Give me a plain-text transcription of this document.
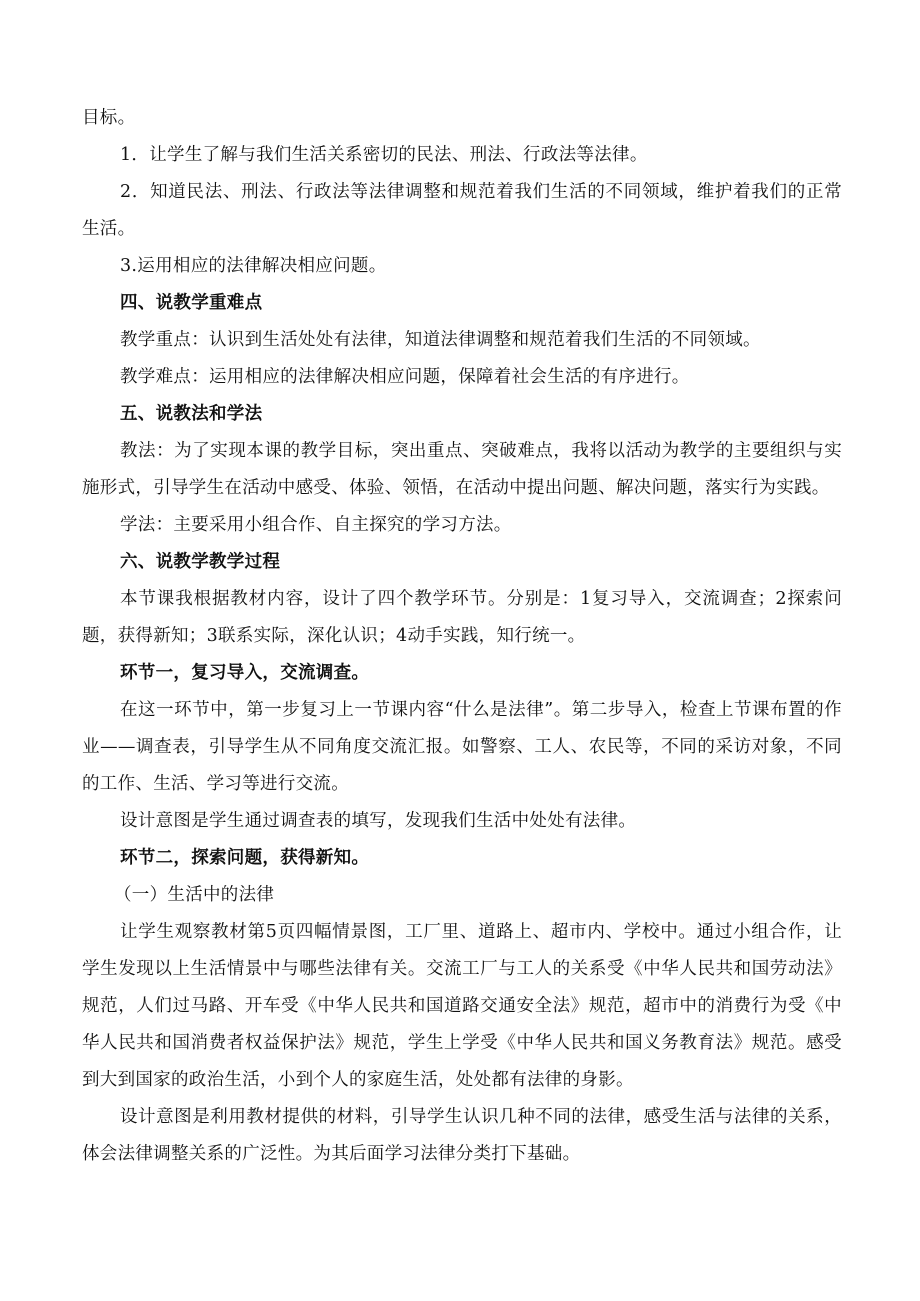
目标。

1．让学生了解与我们生活关系密切的民法、刑法、行政法等法律。

2．知道民法、刑法、行政法等法律调整和规范着我们生活的不同领域，维护着我们的正常生活。

3.运用相应的法律解决相应问题。

四、说教学重难点

教学重点：认识到生活处处有法律，知道法律调整和规范着我们生活的不同领域。

教学难点：运用相应的法律解决相应问题，保障着社会生活的有序进行。

五、说教法和学法

教法：为了实现本课的教学目标，突出重点、突破难点，我将以活动为教学的主要组织与实施形式，引导学生在活动中感受、体验、领悟，在活动中提出问题、解决问题，落实行为实践。

学法：主要采用小组合作、自主探究的学习方法。

六、说教学教学过程

本节课我根据教材内容，设计了四个教学环节。分别是：1复习导入，交流调查；2探索问题，获得新知；3联系实际，深化认识；4动手实践，知行统一。

环节一，复习导入，交流调查。

在这一环节中，第一步复习上一节课内容“什么是法律”。第二步导入，检查上节课布置的作业——调查表，引导学生从不同角度交流汇报。如警察、工人、农民等，不同的采访对象，不同的工作、生活、学习等进行交流。

设计意图是学生通过调查表的填写，发现我们生活中处处有法律。

环节二，探索问题，获得新知。

（一）生活中的法律

让学生观察教材第5页四幅情景图，工厂里、道路上、超市内、学校中。通过小组合作，让学生发现以上生活情景中与哪些法律有关。交流工厂与工人的关系受《中华人民共和国劳动法》规范，人们过马路、开车受《中华人民共和国道路交通安全法》规范，超市中的消费行为受《中华人民共和国消费者权益保护法》规范，学生上学受《中华人民共和国义务教育法》规范。感受到大到国家的政治生活，小到个人的家庭生活，处处都有法律的身影。

设计意图是利用教材提供的材料，引导学生认识几种不同的法律，感受生活与法律的关系，体会法律调整关系的广泛性。为其后面学习法律分类打下基础。
